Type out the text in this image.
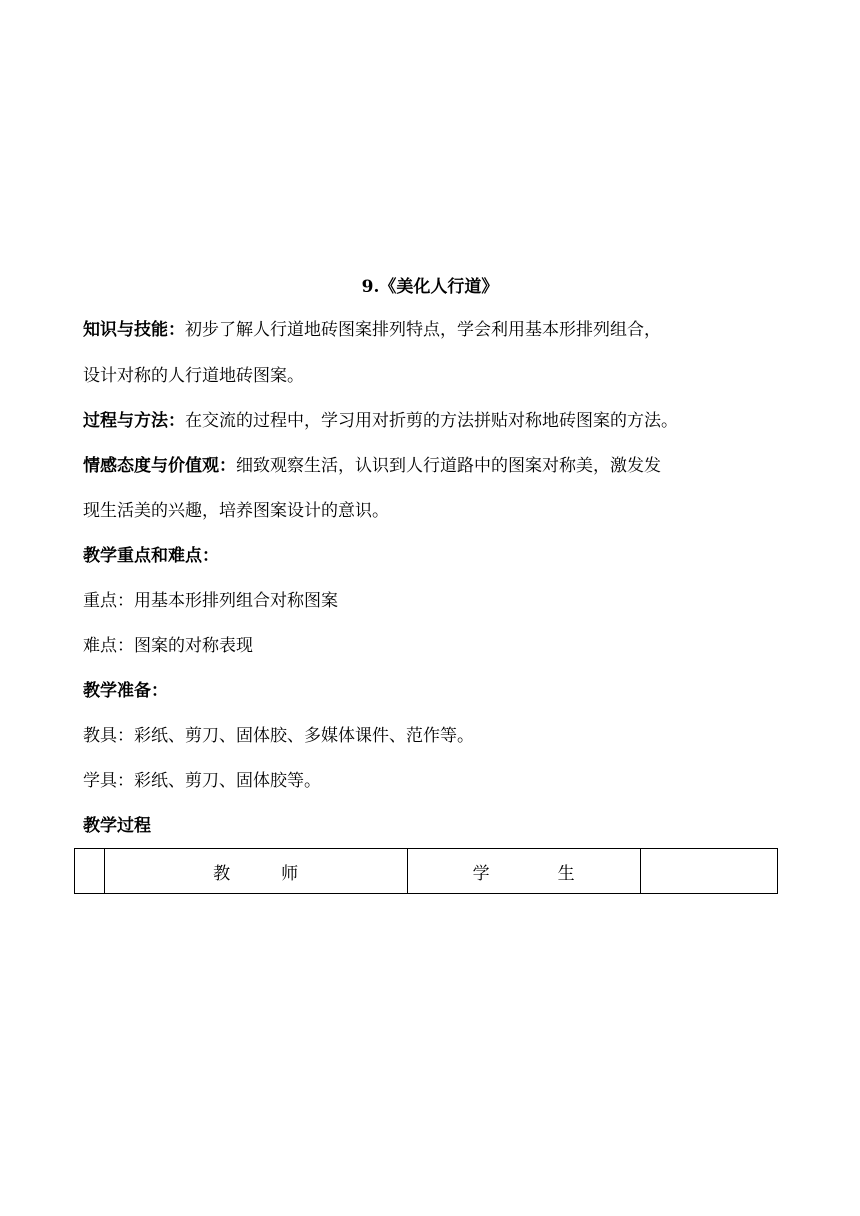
9.《美化人行道》
知识与技能：初步了解人行道地砖图案排列特点，学会利用基本形排列组合，
设计对称的人行道地砖图案。
过程与方法：在交流的过程中，学习用对折剪的方法拼贴对称地砖图案的方法。
情感态度与价值观：细致观察生活，认识到人行道路中的图案对称美，激发发
现生活美的兴趣，培养图案设计的意识。
教学重点和难点：
重点：用基本形排列组合对称图案
难点：图案的对称表现
教学准备：
教具：彩纸、剪刀、固体胶、多媒体课件、范作等。
学具：彩纸、剪刀、固体胶等。
教学过程

教　　　师	学　　　　生
